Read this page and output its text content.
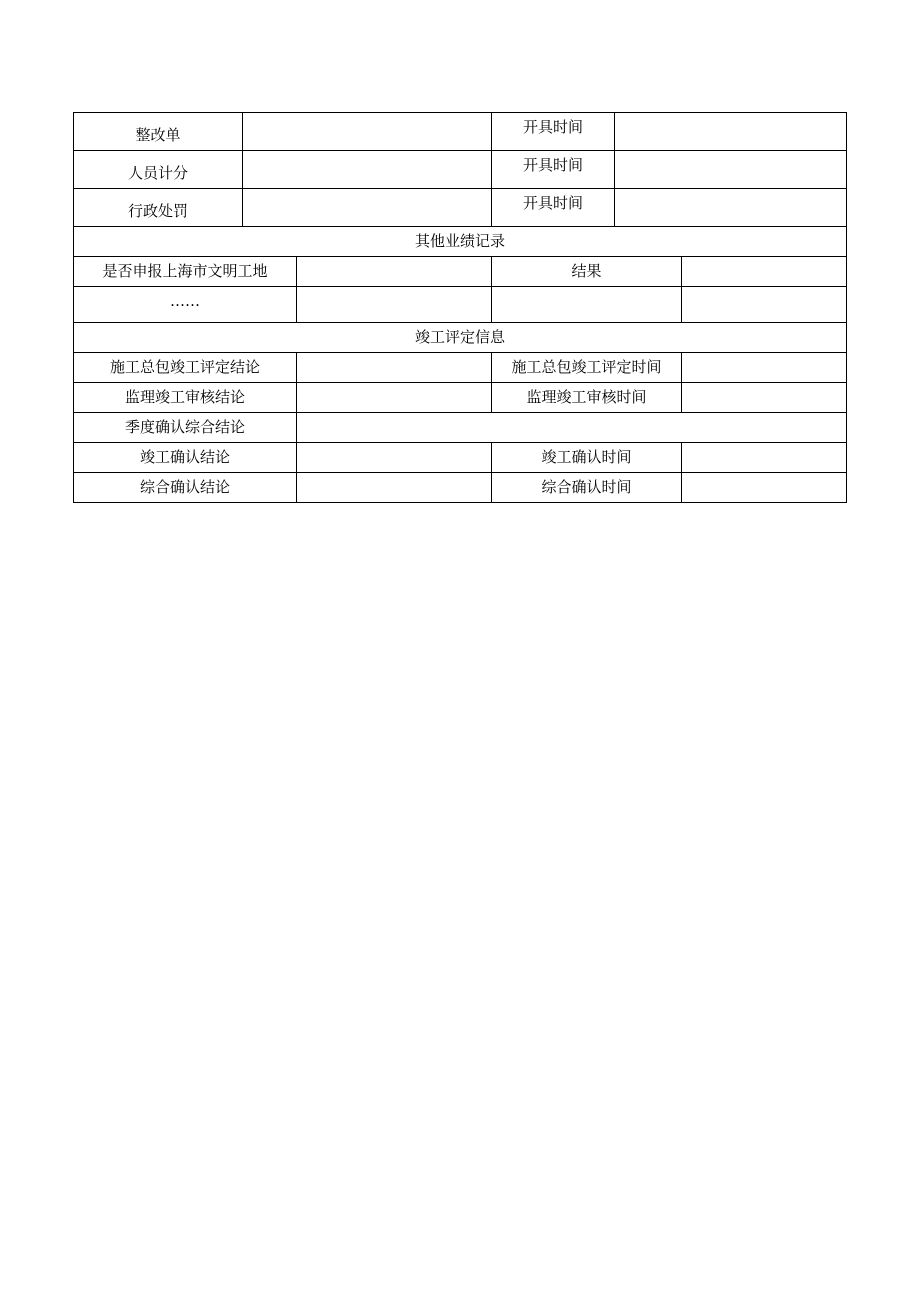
整改单		开具时间	
人员计分		开具时间	
行政处罚		开具时间	
其他业绩记录			
是否申报上海市文明工地		结果	
……			
竣工评定信息			
施工总包竣工评定结论		施工总包竣工评定时间	
监理竣工审核结论		监理竣工审核时间	
季度确认综合结论			
竣工确认结论		竣工确认时间	
综合确认结论		综合确认时间	
